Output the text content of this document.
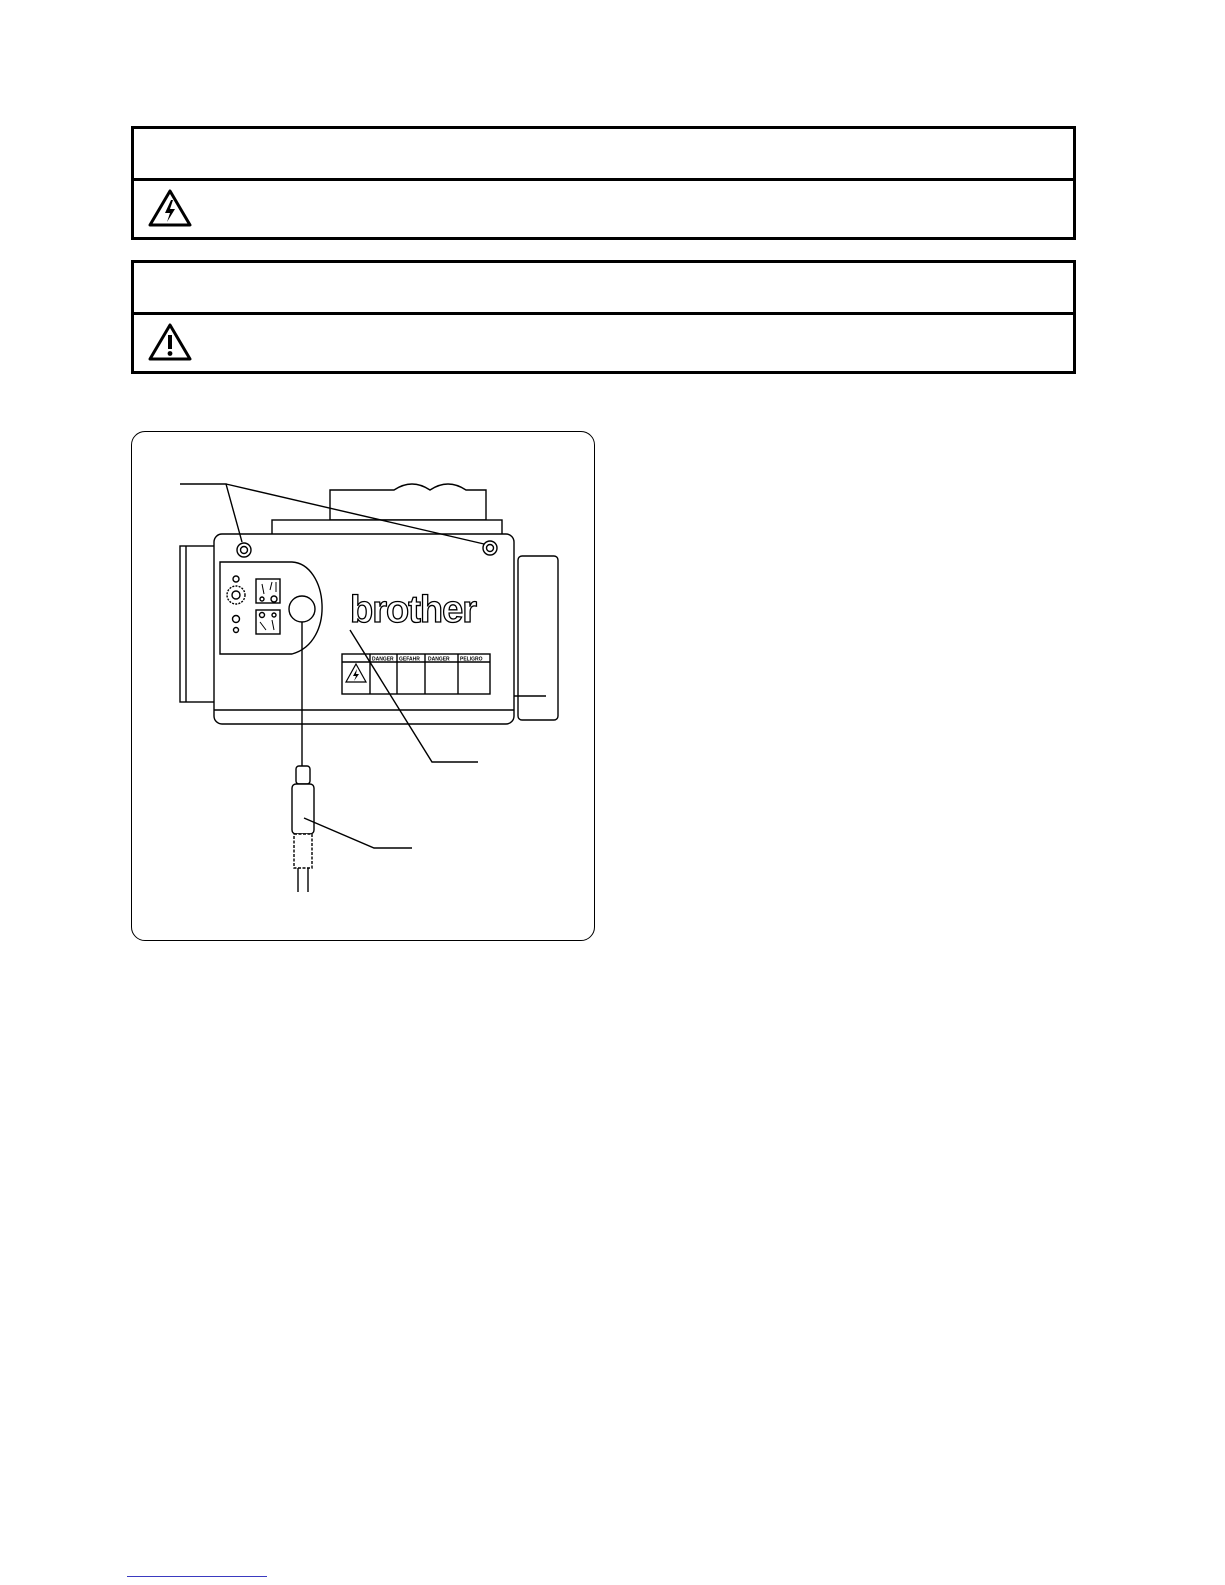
brother
DANGER GEFAHR DANGER PELIGRO
